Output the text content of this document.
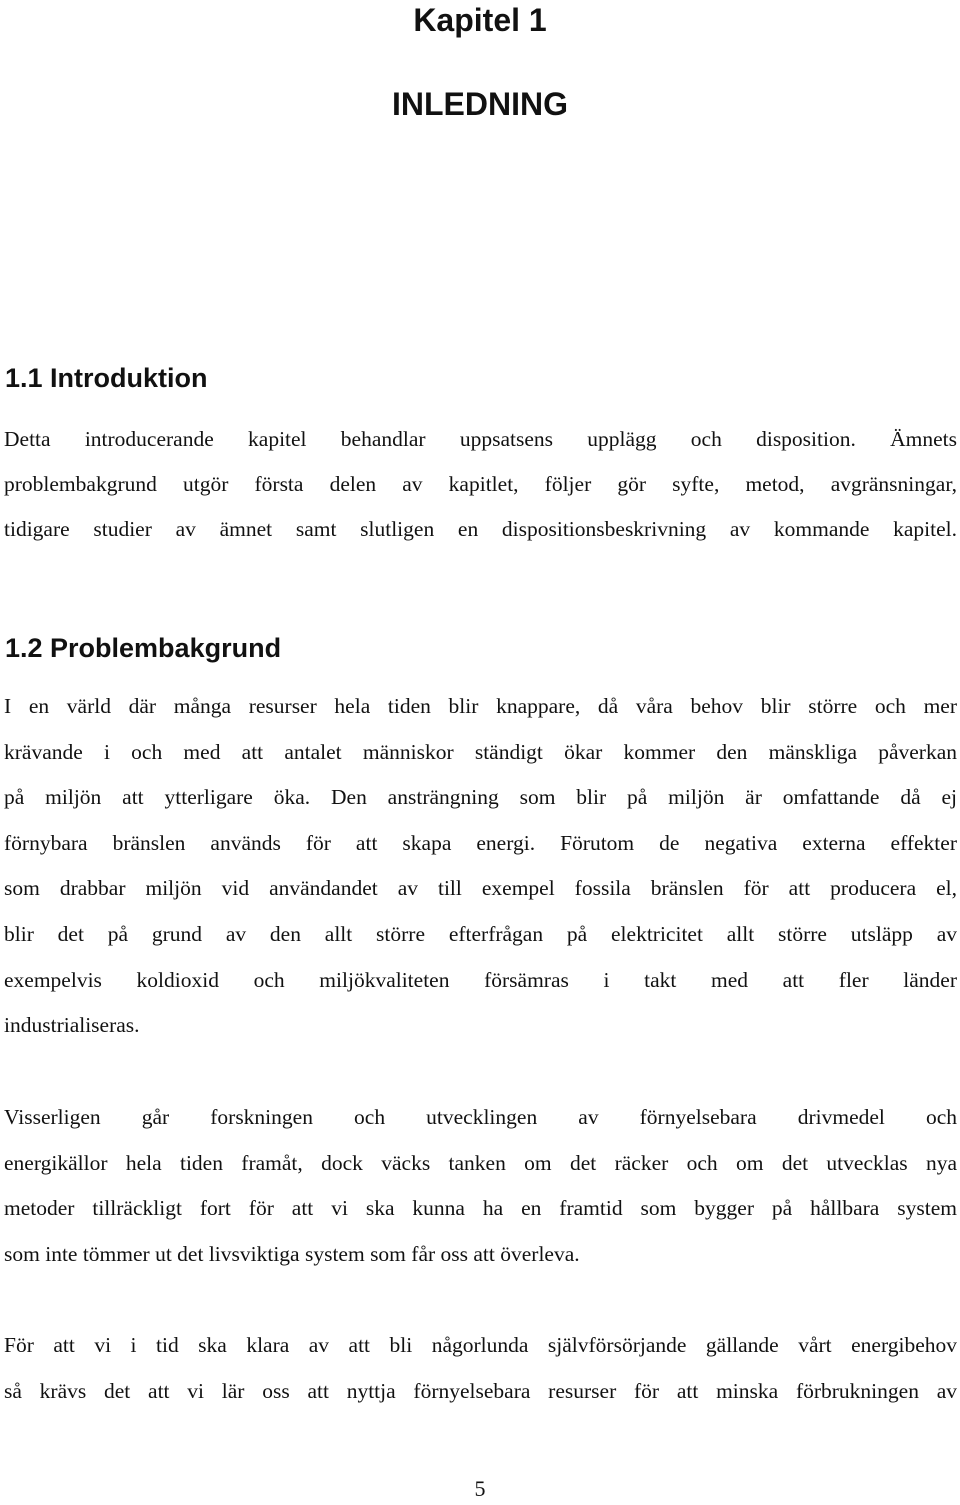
Kapitel 1
INLEDNING
1.1 Introduktion
Detta introducerande kapitel behandlar uppsatsens upplägg och disposition. Ämnets
problembakgrund utgör första delen av kapitlet, följer gör syfte, metod, avgränsningar,
tidigare studier av ämnet samt slutligen en dispositionsbeskrivning av kommande kapitel.
1.2 Problembakgrund
I en värld där många resurser hela tiden blir knappare, då våra behov blir större och mer
krävande i och med att antalet människor ständigt ökar kommer den mänskliga påverkan
på miljön att ytterligare öka. Den ansträngning som blir på miljön är omfattande då ej
förnybara bränslen används för att skapa energi. Förutom de negativa externa effekter
som drabbar miljön vid användandet av till exempel fossila bränslen för att producera el,
blir det på grund av den allt större efterfrågan på elektricitet allt större utsläpp av
exempelvis koldioxid och miljökvaliteten försämras i takt med att fler länder
industrialiseras.
Visserligen går forskningen och utvecklingen av förnyelsebara drivmedel och
energikällor hela tiden framåt, dock väcks tanken om det räcker och om det utvecklas nya
metoder tillräckligt fort för att vi ska kunna ha en framtid som bygger på hållbara system
som inte tömmer ut det livsviktiga system som får oss att överleva.
För att vi i tid ska klara av att bli någorlunda självförsörjande gällande vårt energibehov
så krävs det att vi lär oss att nyttja förnyelsebara resurser för att minska förbrukningen av
5
